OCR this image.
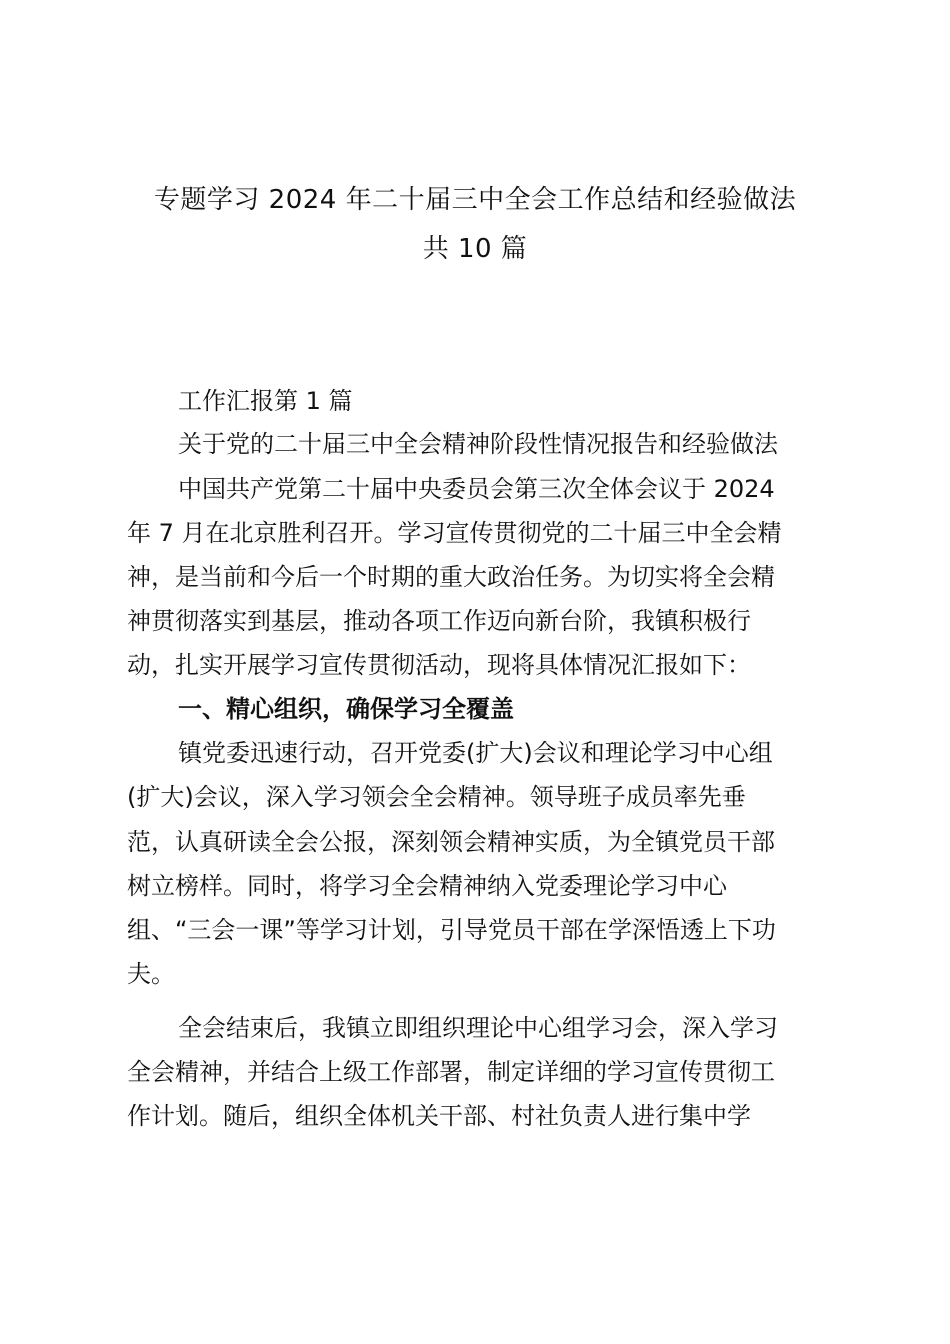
专题学习 2024 年二十届三中全会工作总结和经验做法
共 10 篇
工作汇报第 1 篇
关于党的二十届三中全会精神阶段性情况报告和经验做法
中国共产党第二十届中央委员会第三次全体会议于 2024
年 7 月在北京胜利召开。学习宣传贯彻党的二十届三中全会精
神，是当前和今后一个时期的重大政治任务。为切实将全会精
神贯彻落实到基层，推动各项工作迈向新台阶，我镇积极行
动，扎实开展学习宣传贯彻活动，现将具体情况汇报如下：
一、精心组织，确保学习全覆盖
镇党委迅速行动，召开党委(扩大)会议和理论学习中心组
(扩大)会议，深入学习领会全会精神。领导班子成员率先垂
范，认真研读全会公报，深刻领会精神实质，为全镇党员干部
树立榜样。同时，将学习全会精神纳入党委理论学习中心
组、“三会一课”等学习计划，引导党员干部在学深悟透上下功
夫。
全会结束后，我镇立即组织理论中心组学习会，深入学习
全会精神，并结合上级工作部署，制定详细的学习宣传贯彻工
作计划。随后，组织全体机关干部、村社负责人进行集中学
